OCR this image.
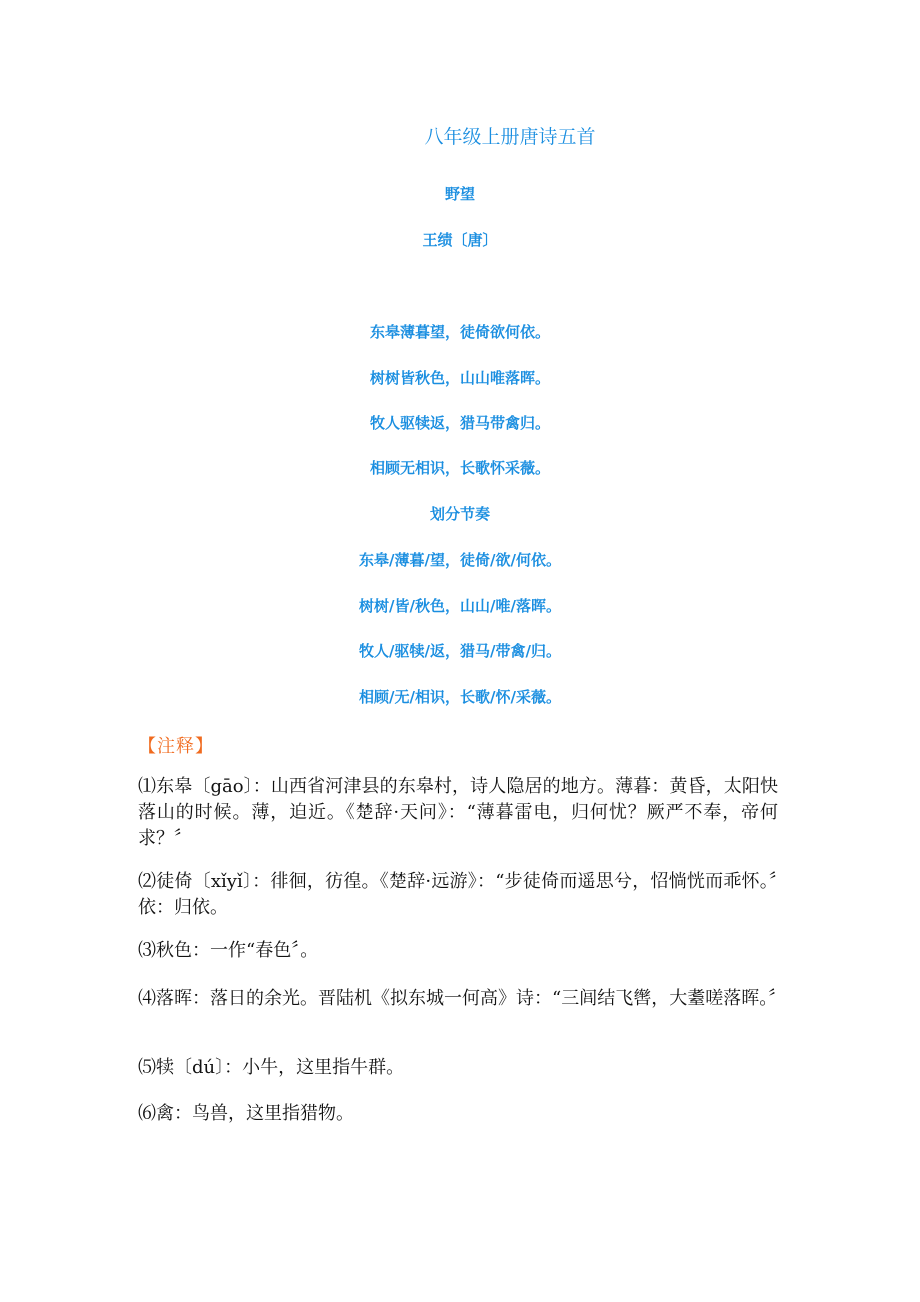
八年级上册唐诗五首
野望
王绩〔唐〕
东皋薄暮望，徒倚欲何依。
树树皆秋色，山山唯落晖。
牧人驱犊返，猎马带禽归。
相顾无相识，长歌怀采薇。
划分节奏
东皋/薄暮/望，徒倚/欲/何依。
树树/皆/秋色，山山/唯/落晖。
牧人/驱犊/返，猎马/带禽/归。
相顾/无/相识，长歌/怀/采薇。
【注释】
⑴东皋〔gāo〕：山西省河津县的东皋村，诗人隐居的地方。薄暮：黄昏，太阳快落山的时候。薄，迫近。《楚辞·天问》：“薄暮雷电，归何忧？厥严不奉，帝何求？〞
⑵徒倚〔xǐyǐ〕：徘徊，彷徨。《楚辞·远游》：“步徒倚而遥思兮，怊惝恍而乖怀。〞依：归依。
⑶秋色：一作“春色〞。
⑷落晖：落日的余光。晋陆机《拟东城一何高》诗：“三闾结飞辔，大耋嗟落晖。〞
⑸犊〔dú〕：小牛，这里指牛群。
⑹禽：鸟兽，这里指猎物。
